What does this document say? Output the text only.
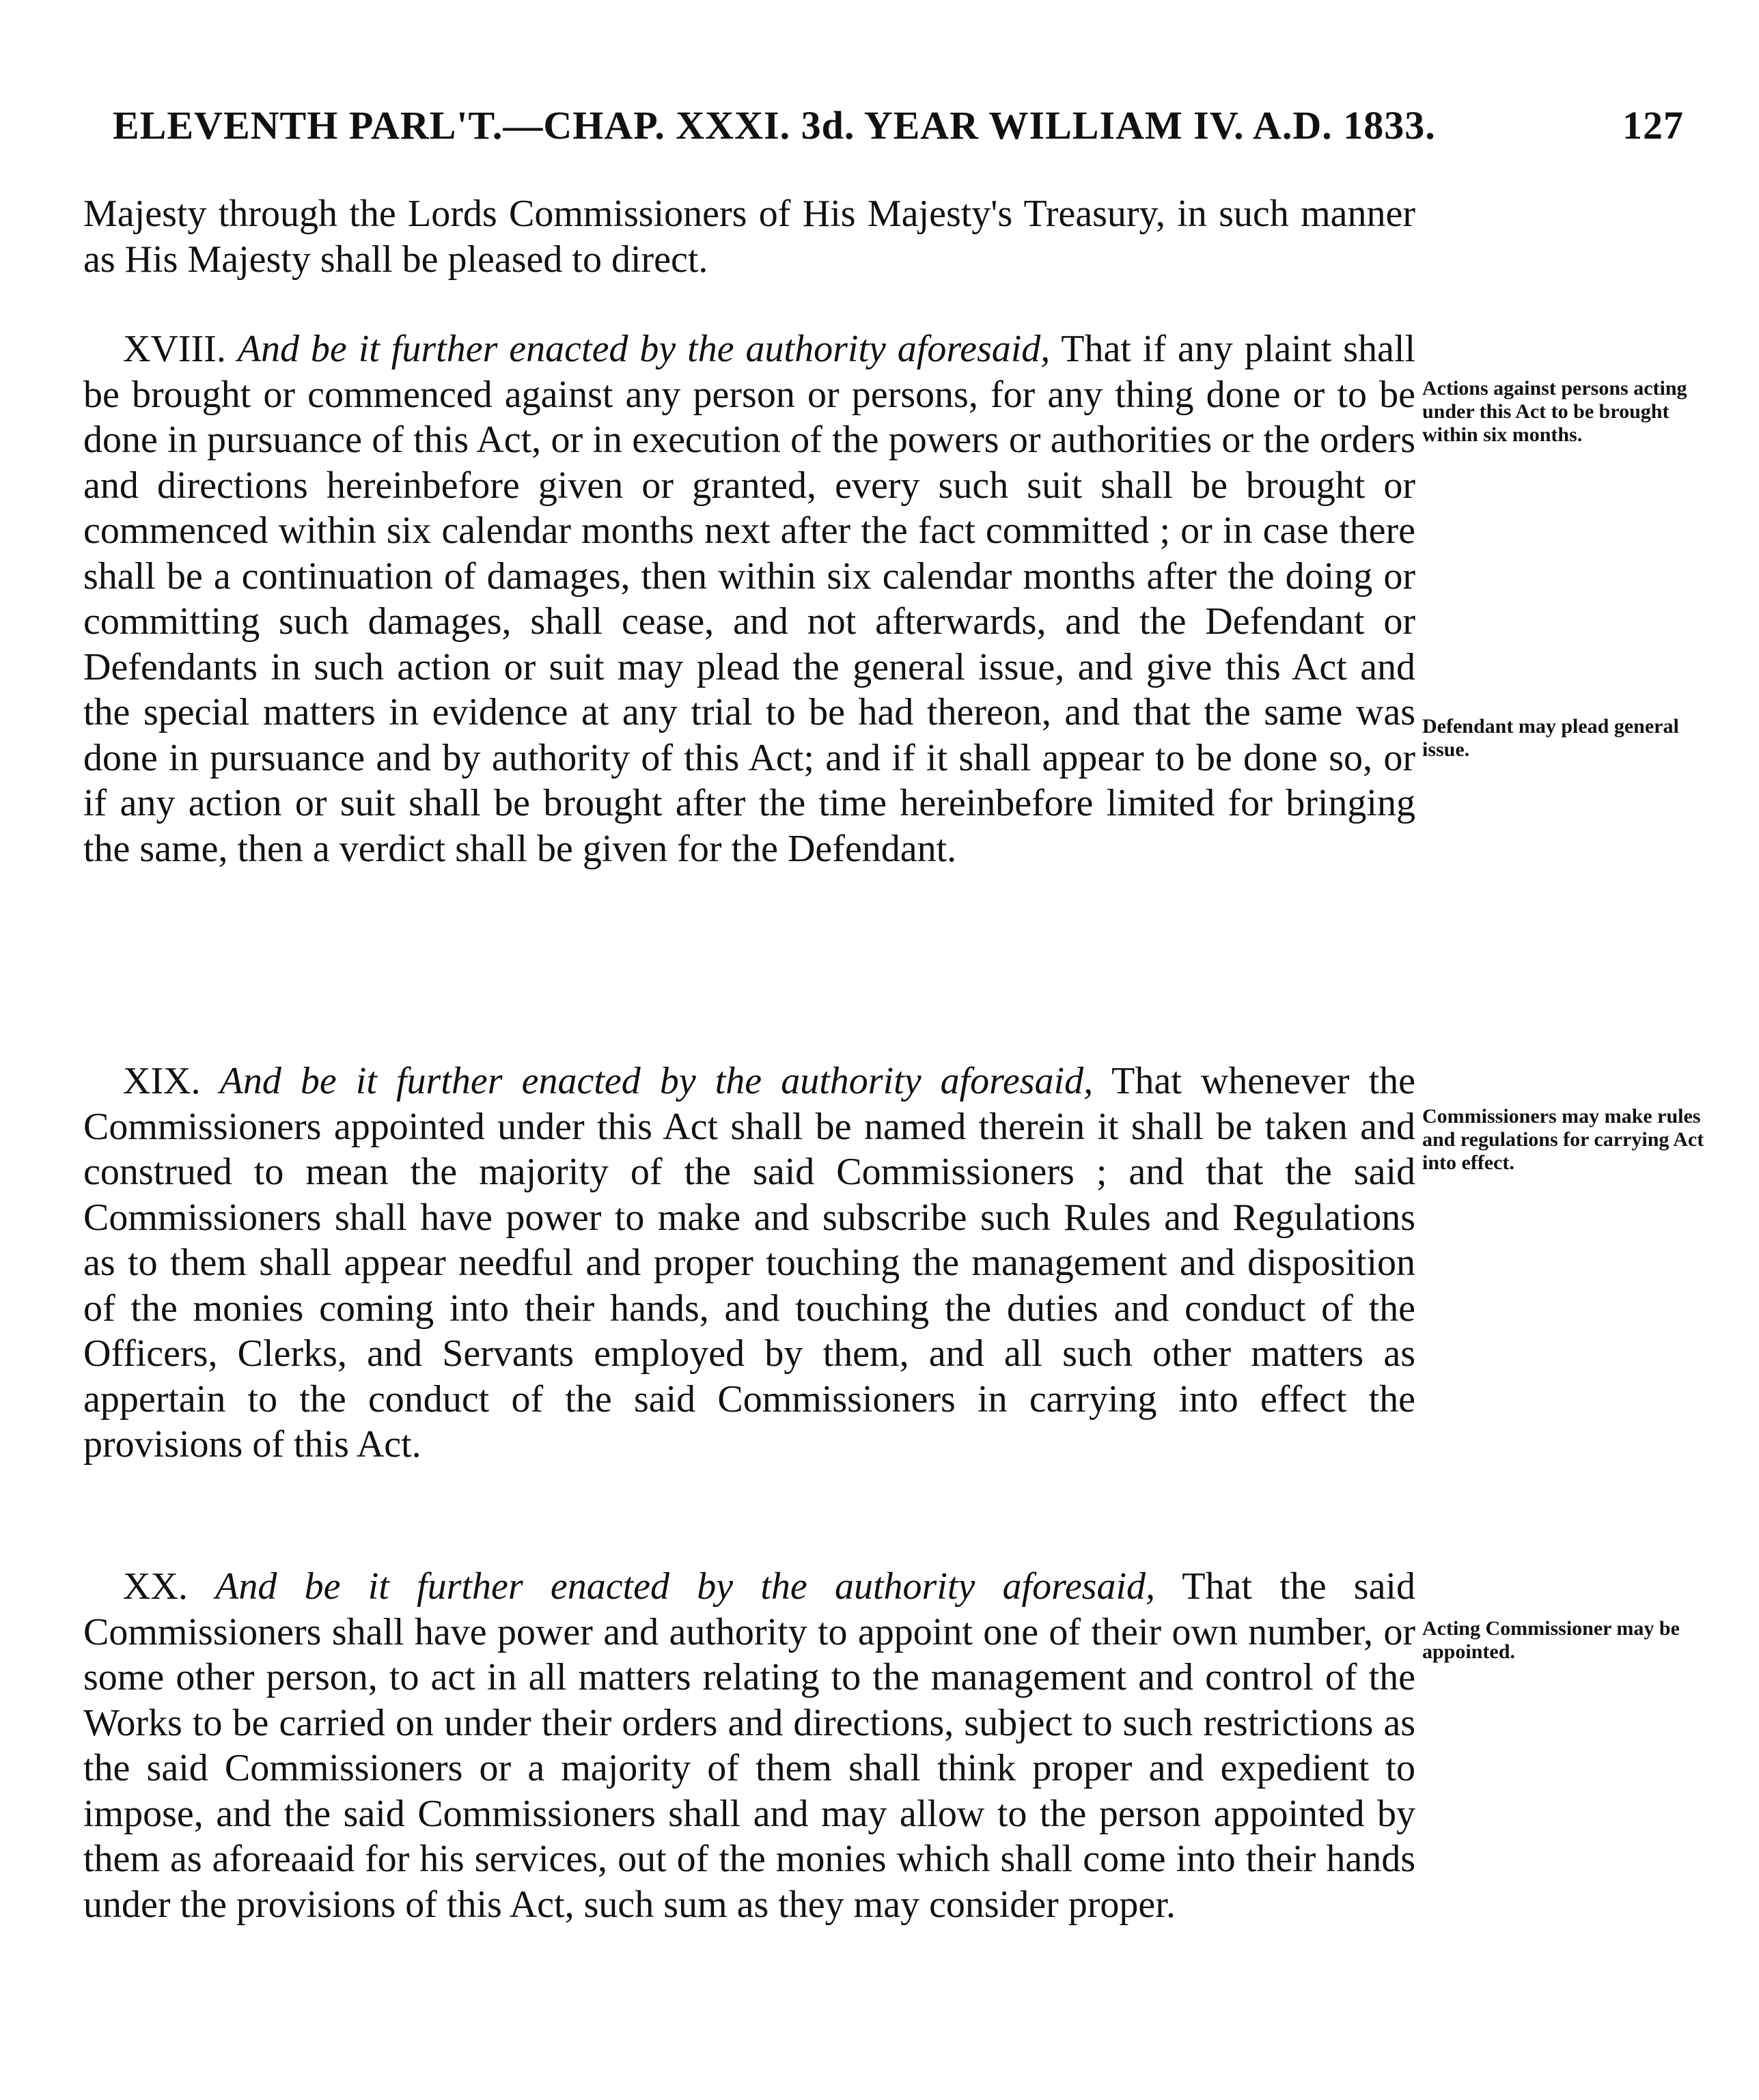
ELEVENTH PARL'T.—CHAP. XXXI. 3d. YEAR WILLIAM IV. A.D. 1833.	127

Majesty through the Lords Commissioners of His Majesty's Treasury, in such manner as His Majesty shall be pleased to direct.

XVIII. And be it further enacted by the authority aforesaid, That if any plaint shall be brought or commenced against any person or persons, for any thing done or to be done in pursuance of this Act, or in execution of the powers or authorities or the orders and directions hereinbefore given or granted, every such suit shall be brought or commenced within six calendar months next after the fact committed ; or in case there shall be a continuation of damages, then within six calendar months after the doing or committing such damages, shall cease, and not afterwards, and the Defendant or Defendants in such action or suit may plead the general issue, and give this Act and the special matters in evidence at any trial to be had thereon, and that the same was done in pursuance and by authority of this Act; and if it shall appear to be done so, or if any action or suit shall be brought after the time hereinbefore limited for bringing the same, then a verdict shall be given for the Defendant.

XIX. And be it further enacted by the authority aforesaid, That whenever the Commissioners appointed under this Act shall be named therein it shall be taken and construed to mean the majority of the said Commissioners ; and that the said Commissioners shall have power to make and subscribe such Rules and Regulations as to them shall appear needful and proper touching the management and disposition of the monies coming into their hands, and touching the duties and conduct of the Officers, Clerks, and Servants employed by them, and all such other matters as appertain to the conduct of the said Commissioners in carrying into effect the provisions of this Act.

XX. And be it further enacted by the authority aforesaid, That the said Commissioners shall have power and authority to appoint one of their own number, or some other person, to act in all matters relating to the management and control of the Works to be carried on under their orders and directions, subject to such restrictions as the said Commissioners or a majority of them shall think proper and expedient to impose, and the said Commissioners shall and may allow to the person appointed by them as aforeaaid for his services, out of the monies which shall come into their hands under the provisions of this Act, such sum as they may consider proper.

Actions against persons acting under this Act to be brought within six months.
Defendant may plead general issue.
Commissioners may make rules and regulations for carrying Act into effect.
Acting Commissioner may be appointed.
